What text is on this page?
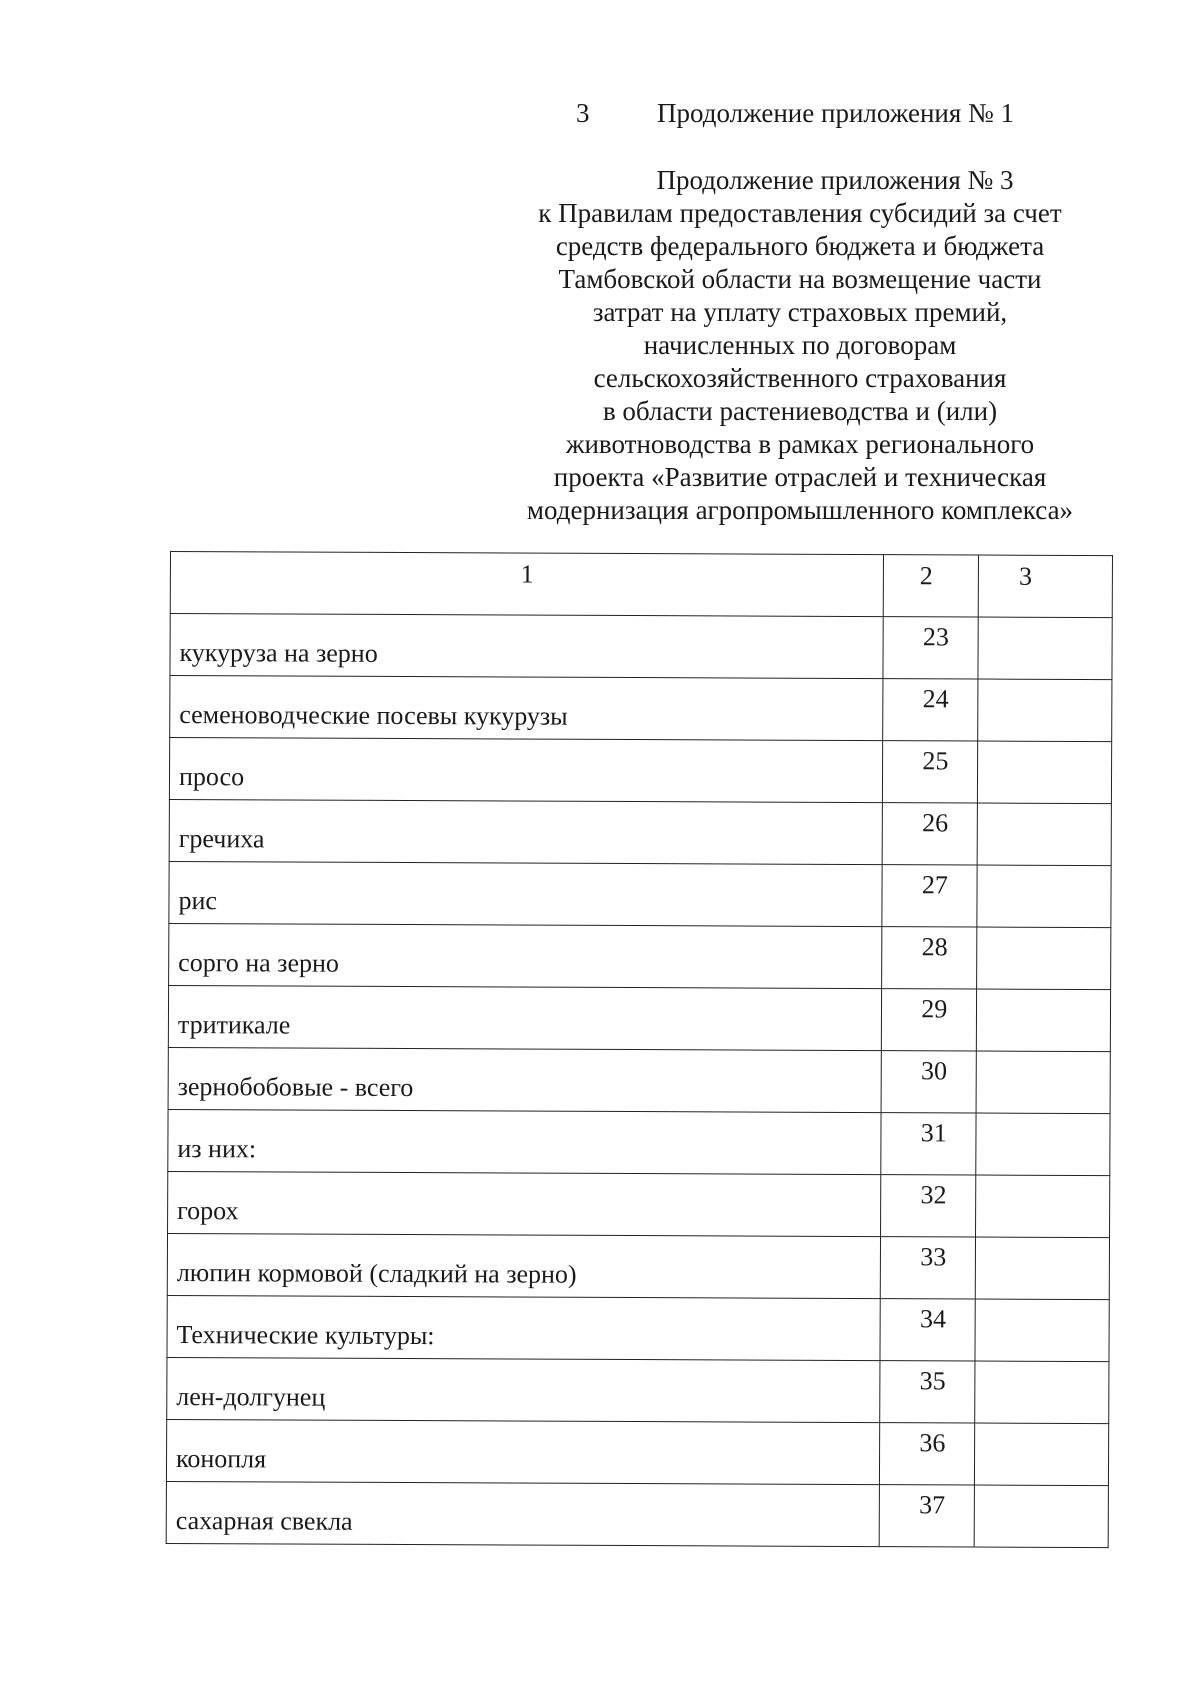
3	Продолжение приложения № 1
Продолжение приложения № 3
к Правилам предоставления субсидий за счет
средств федерального бюджета и бюджета
Тамбовской области на возмещение части
затрат на уплату страховых премий,
начисленных по договорам
сельскохозяйственного страхования
в области растениеводства и (или)
животноводства в рамках регионального
проекта «Развитие отраслей и техническая
модернизация агропромышленного комплекса»
1	2	3

кукуруза на зерно	23	

семеноводческие посевы кукурузы	24	

просо	25	

гречиха	26	

рис	27	

сорго на зерно	28	

тритикале	29	

зернобобовые - всего	30	

из них:	31	

горох	32	

люпин кормовой (сладкий на зерно)	33	

Технические культуры:	34	

лен-долгунец	35	

конопля	36	

сахарная свекла	37	
